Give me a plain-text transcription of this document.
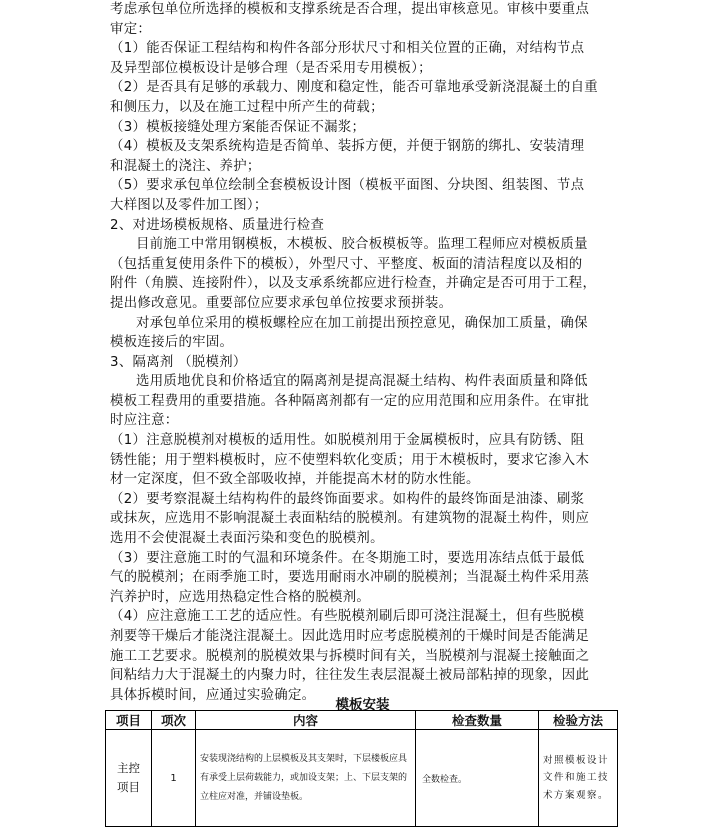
考虑承包单位所选择的模板和支撑系统是否合理，提出审核意见。审核中要重点

审定：

（1）能否保证工程结构和构件各部分形状尺寸和相关位置的正确，对结构节点

及异型部位模板设计是够合理（是否采用专用模板）；

（2）是否具有足够的承载力、刚度和稳定性，能否可靠地承受新浇混凝土的自重

和侧压力，以及在施工过程中所产生的荷载；

（3）模板接缝处理方案能否保证不漏浆；

（4）模板及支架系统构造是否简单、装拆方便，并便于钢筋的绑扎、安装清理

和混凝土的浇注、养护；

（5）要求承包单位绘制全套模板设计图（模板平面图、分块图、组装图、节点

大样图以及零件加工图）；

2、对进场模板规格、质量进行检查

目前施工中常用钢模板，木模板、胶合板模板等。监理工程师应对模板质量

（包括重复使用条件下的模板），外型尺寸、平整度、板面的清洁程度以及相的

附件（角膜、连接附件），以及支承系统都应进行检查，并确定是否可用于工程，

提出修改意见。重要部位应要求承包单位按要求预拼装。

对承包单位采用的模板螺栓应在加工前提出预控意见，确保加工质量，确保

模板连接后的牢固。

3、隔离剂 （脱模剂）

选用质地优良和价格适宜的隔离剂是提高混凝土结构、构件表面质量和降低

模板工程费用的重要措施。各种隔离剂都有一定的应用范围和应用条件。在审批

时应注意：

（1）注意脱模剂对模板的适用性。如脱模剂用于金属模板时，应具有防锈、阻

锈性能；用于塑料模板时，应不使塑料软化变质；用于木模板时，要求它渗入木

材一定深度，但不致全部吸收掉，并能提高木材的防水性能。

（2）要考察混凝土结构构件的最终饰面要求。如构件的最终饰面是油漆、刷浆

或抹灰，应选用不影响混凝土表面粘结的脱模剂。有建筑物的混凝土构件，则应

选用不会使混凝土表面污染和变色的脱模剂。

（3）要注意施工时的气温和环境条件。在冬期施工时，要选用冻结点低于最低

气的脱模剂；在雨季施工时，要选用耐雨水冲刷的脱模剂；当混凝土构件采用蒸

汽养护时，应选用热稳定性合格的脱模剂。

（4）应注意施工工艺的适应性。有些脱模剂刷后即可浇注混凝土，但有些脱模

剂要等干燥后才能浇注混凝土。因此选用时应考虑脱模剂的干燥时间是否能满足

施工工艺要求。脱模剂的脱模效果与拆模时间有关，当脱模剂与混凝土接触面之

间粘结力大于混凝土的内聚力时，往往发生表层混凝土被局部粘掉的现象，因此

具体拆模时间，应通过实验确定。

模板安装
项目	项次	内容	检查数量	检验方法
主控项目	1	安装现浇结构的上层模板及其支架时，下层楼板应具有承受上层荷载能力，或加设支架；上、下层支架的立柱应对准，并铺设垫板。	全数检查。	对照模板设计文件和施工技术方案观察。
